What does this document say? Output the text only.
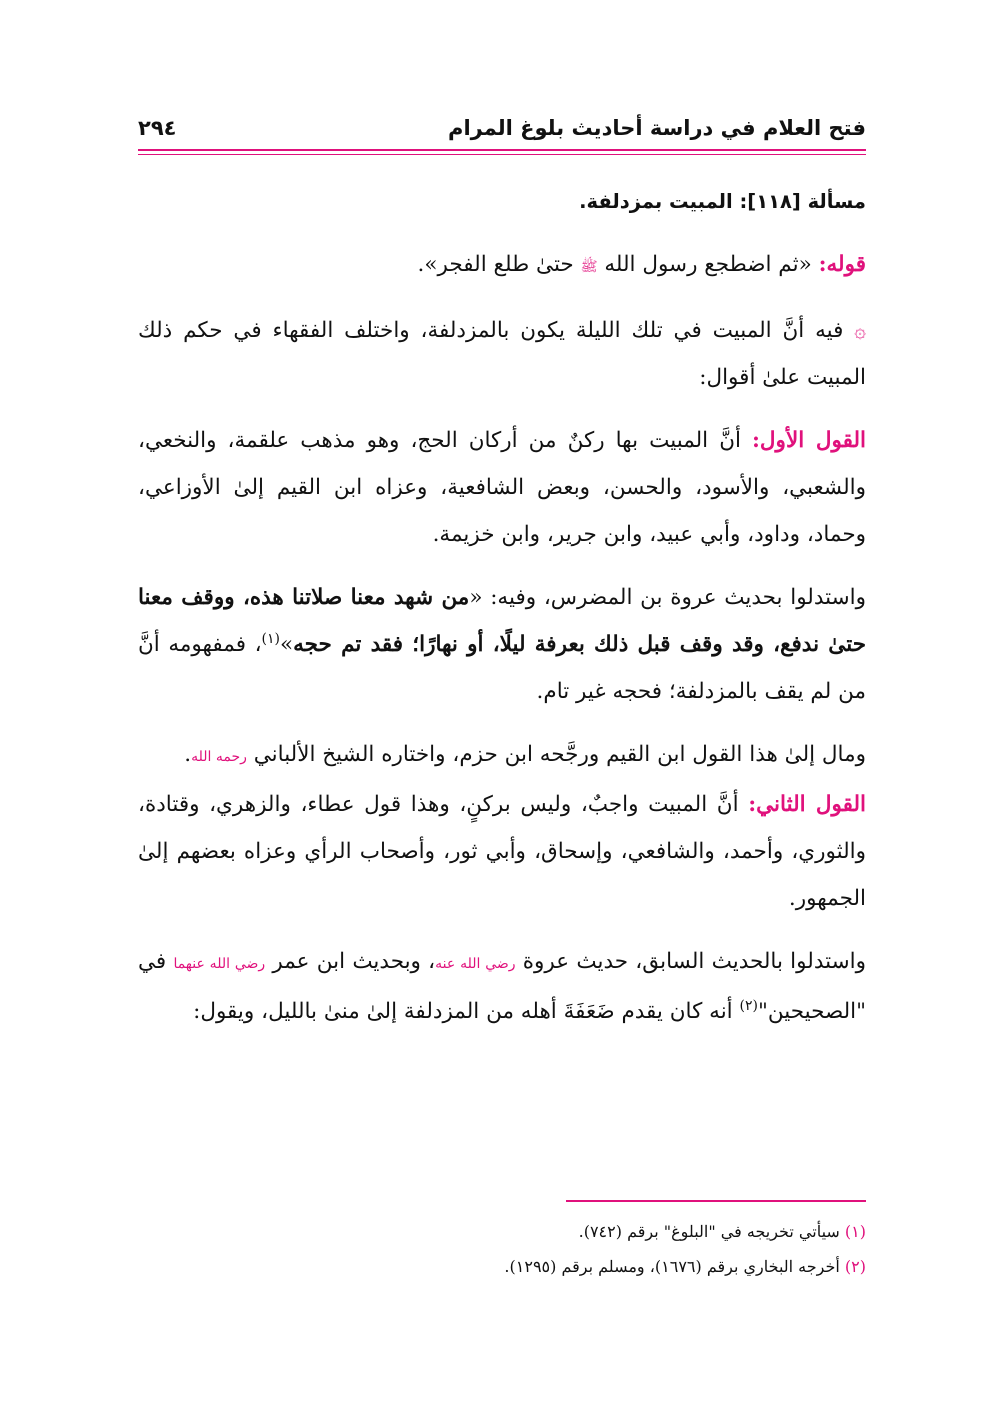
فتح العلام في دراسة أحاديث بلوغ المرام
٢٩٤

مسألة [١١٨]: المبيت بمزدلفة.

قوله: «ثم اضطجع رسول الله ﷺ حتىٰ طلع الفجر».

۞ فيه أنَّ المبيت في تلك الليلة يكون بالمزدلفة، واختلف الفقهاء في حكم ذلك المبيت علىٰ أقوال:

القول الأول: أنَّ المبيت بها ركنٌ من أركان الحج، وهو مذهب علقمة، والنخعي، والشعبي، والأسود، والحسن، وبعض الشافعية، وعزاه ابن القيم إلىٰ الأوزاعي، وحماد، وداود، وأبي عبيد، وابن جرير، وابن خزيمة.

واستدلوا بحديث عروة بن المضرس، وفيه: «من شهد معنا صلاتنا هذه، ووقف معنا حتىٰ ندفع، وقد وقف قبل ذلك بعرفة ليلًا، أو نهارًا؛ فقد تم حجه»$^{(١)}$، فمفهومه أنَّ من لم يقف بالمزدلفة؛ فحجه غير تام.

ومال إلىٰ هذا القول ابن القيم ورجَّحه ابن حزم، واختاره الشيخ الألباني رحمه الله.

القول الثاني: أنَّ المبيت واجبٌ، وليس بركنٍ، وهذا قول عطاء، والزهري، وقتادة، والثوري، وأحمد، والشافعي، وإسحاق، وأبي ثور، وأصحاب الرأي وعزاه بعضهم إلىٰ الجمهور.

واستدلوا بالحديث السابق، حديث عروة رضي الله عنه، وبحديث ابن عمر رضي الله عنهما في "الصحيحين"$^{(٢)}$ أنه كان يقدم ضَعَفَةَ أهله من المزدلفة إلىٰ منىٰ بالليل، ويقول:

(١) سيأتي تخريجه في "البلوغ" برقم (٧٤٢).

(٢) أخرجه البخاري برقم (١٦٧٦)، ومسلم برقم (١٢٩٥).
